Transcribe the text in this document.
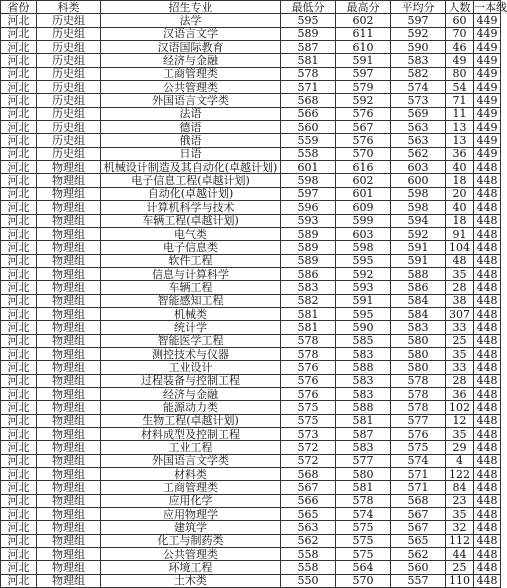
省份	科类	招生专业	最低分	最高分	平均分	人数	一本线
河北	历史组	法学	595	602	597	60	449
河北	历史组	汉语言文学	589	611	592	70	449
河北	历史组	汉语国际教育	587	610	590	46	449
河北	历史组	经济与金融	581	591	583	49	449
河北	历史组	工商管理类	578	597	582	80	449
河北	历史组	公共管理类	571	579	574	54	449
河北	历史组	外国语言文学类	568	592	573	71	449
河北	历史组	法语	566	576	569	11	449
河北	历史组	德语	560	567	563	13	449
河北	历史组	俄语	559	576	563	13	449
河北	历史组	日语	558	570	562	36	449
河北	物理组	机械设计制造及其自动化(卓越计划)	601	616	603	40	448
河北	物理组	电子信息工程(卓越计划)	598	602	600	18	448
河北	物理组	自动化(卓越计划)	597	601	598	20	448
河北	物理组	计算机科学与技术	596	609	598	40	448
河北	物理组	车辆工程(卓越计划)	593	599	594	18	448
河北	物理组	电气类	589	603	592	91	448
河北	物理组	电子信息类	589	598	591	104	448
河北	物理组	软件工程	589	595	591	48	448
河北	物理组	信息与计算科学	586	592	588	35	448
河北	物理组	车辆工程	583	593	586	28	448
河北	物理组	智能感知工程	582	591	584	38	448
河北	物理组	机械类	581	595	584	307	448
河北	物理组	统计学	581	590	583	33	448
河北	物理组	智能医学工程	578	585	580	25	448
河北	物理组	测控技术与仪器	578	583	580	35	448
河北	物理组	工业设计	576	588	580	33	448
河北	物理组	过程装备与控制工程	576	583	578	28	448
河北	物理组	经济与金融	576	583	578	36	448
河北	物理组	能源动力类	575	588	578	102	448
河北	物理组	生物工程(卓越计划)	575	581	577	12	448
河北	物理组	材料成型及控制工程	573	587	576	35	448
河北	物理组	工业工程	572	583	575	29	448
河北	物理组	外国语言文学类	572	577	574	4	448
河北	物理组	材料类	568	580	571	122	448
河北	物理组	工商管理类	567	581	571	84	448
河北	物理组	应用化学	566	578	568	23	448
河北	物理组	应用物理学	565	574	567	35	448
河北	物理组	建筑学	563	575	567	32	448
河北	物理组	化工与制药类	562	575	565	112	448
河北	物理组	公共管理类	558	575	562	44	448
河北	物理组	环境工程	558	564	560	25	448
河北	物理组	土木类	550	570	557	110	448
